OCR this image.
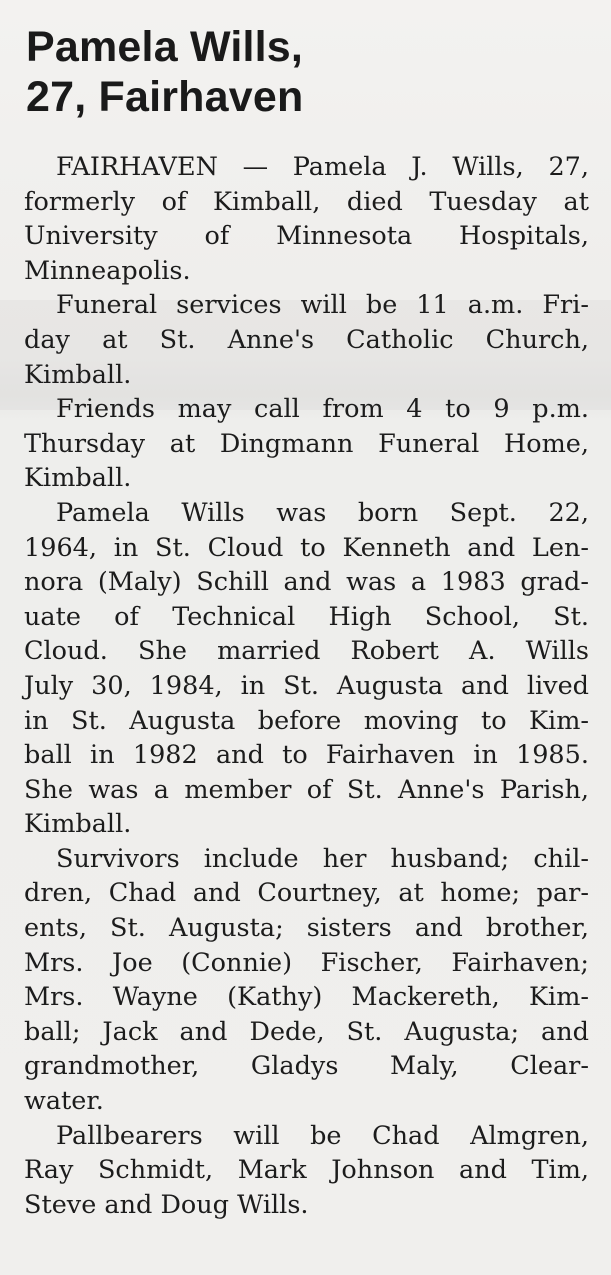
Pamela Wills,
27, Fairhaven
FAIRHAVEN — Pamela J. Wills, 27,
formerly of Kimball, died Tuesday at
University of Minnesota Hospitals,
Minneapolis.
Funeral services will be 11 a.m. Fri-
day at St. Anne's Catholic Church,
Kimball.
Friends may call from 4 to 9 p.m.
Thursday at Dingmann Funeral Home,
Kimball.
Pamela Wills was born Sept. 22,
1964, in St. Cloud to Kenneth and Len-
nora (Maly) Schill and was a 1983 grad-
uate of Technical High School, St.
Cloud. She married Robert A. Wills
July 30, 1984, in St. Augusta and lived
in St. Augusta before moving to Kim-
ball in 1982 and to Fairhaven in 1985.
She was a member of St. Anne's Parish,
Kimball.
Survivors include her husband; chil-
dren, Chad and Courtney, at home; par-
ents, St. Augusta; sisters and brother,
Mrs. Joe (Connie) Fischer, Fairhaven;
Mrs. Wayne (Kathy) Mackereth, Kim-
ball; Jack and Dede, St. Augusta; and
grandmother, Gladys Maly, Clear-
water.
Pallbearers will be Chad Almgren,
Ray Schmidt, Mark Johnson and Tim,
Steve and Doug Wills.
